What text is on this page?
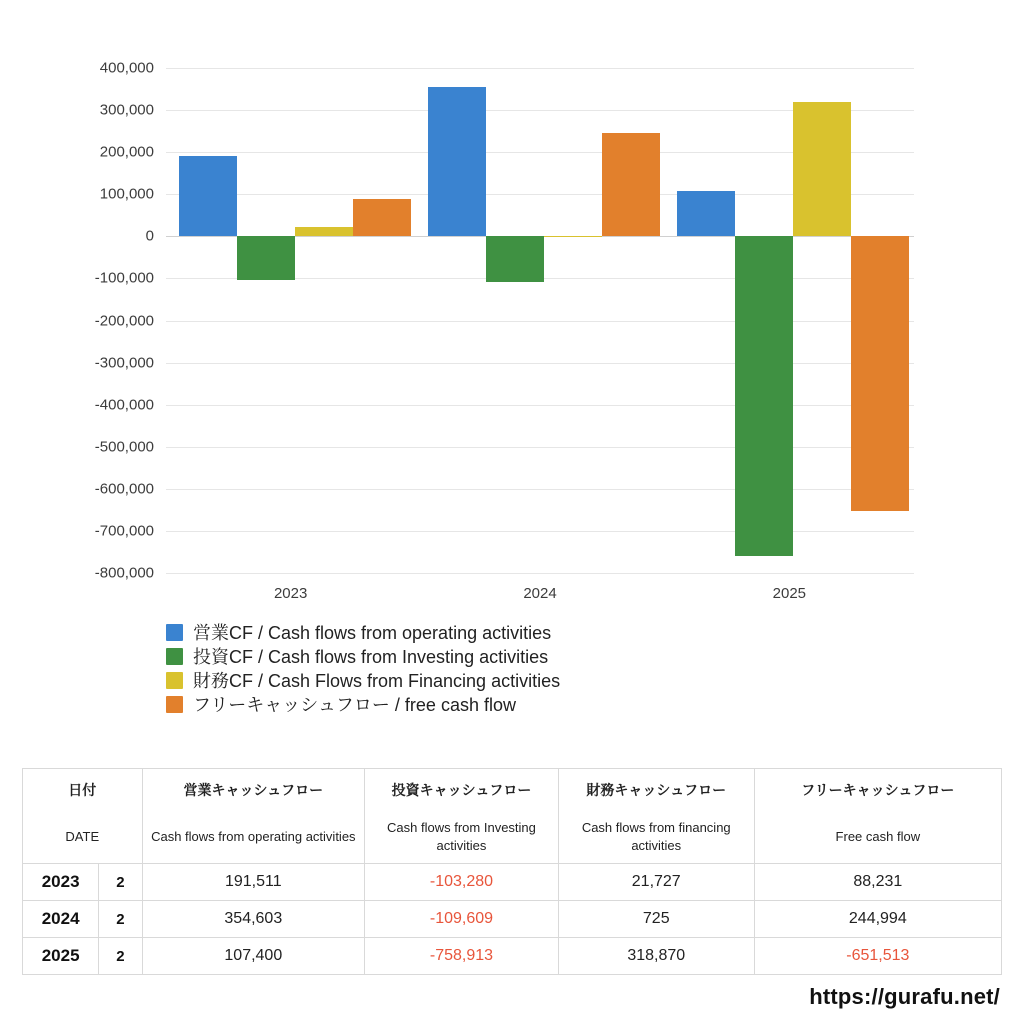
400,000
300,000
200,000
100,000
0
-100,000
-200,000
-300,000
-400,000
-500,000
-600,000
-700,000
-800,000
2023	2024	2025
営業CF / Cash flows from operating activities
投資CF / Cash flows from Investing activities
財務CF / Cash Flows from Financing activities
フリーキャッシュフロー / free cash flow
日付		営業キャッシュフロー	投資キャッシュフロー	財務キャッシュフロー	フリーキャッシュフロー
DATE		Cash flows from operating activities	Cash flows from Investing activities	Cash flows from financing activities	Free cash flow
2023	2	191,511	-103,280	21,727	88,231
2024	2	354,603	-109,609	725	244,994
2025	2	107,400	-758,913	318,870	-651,513
https://gurafu.net/
